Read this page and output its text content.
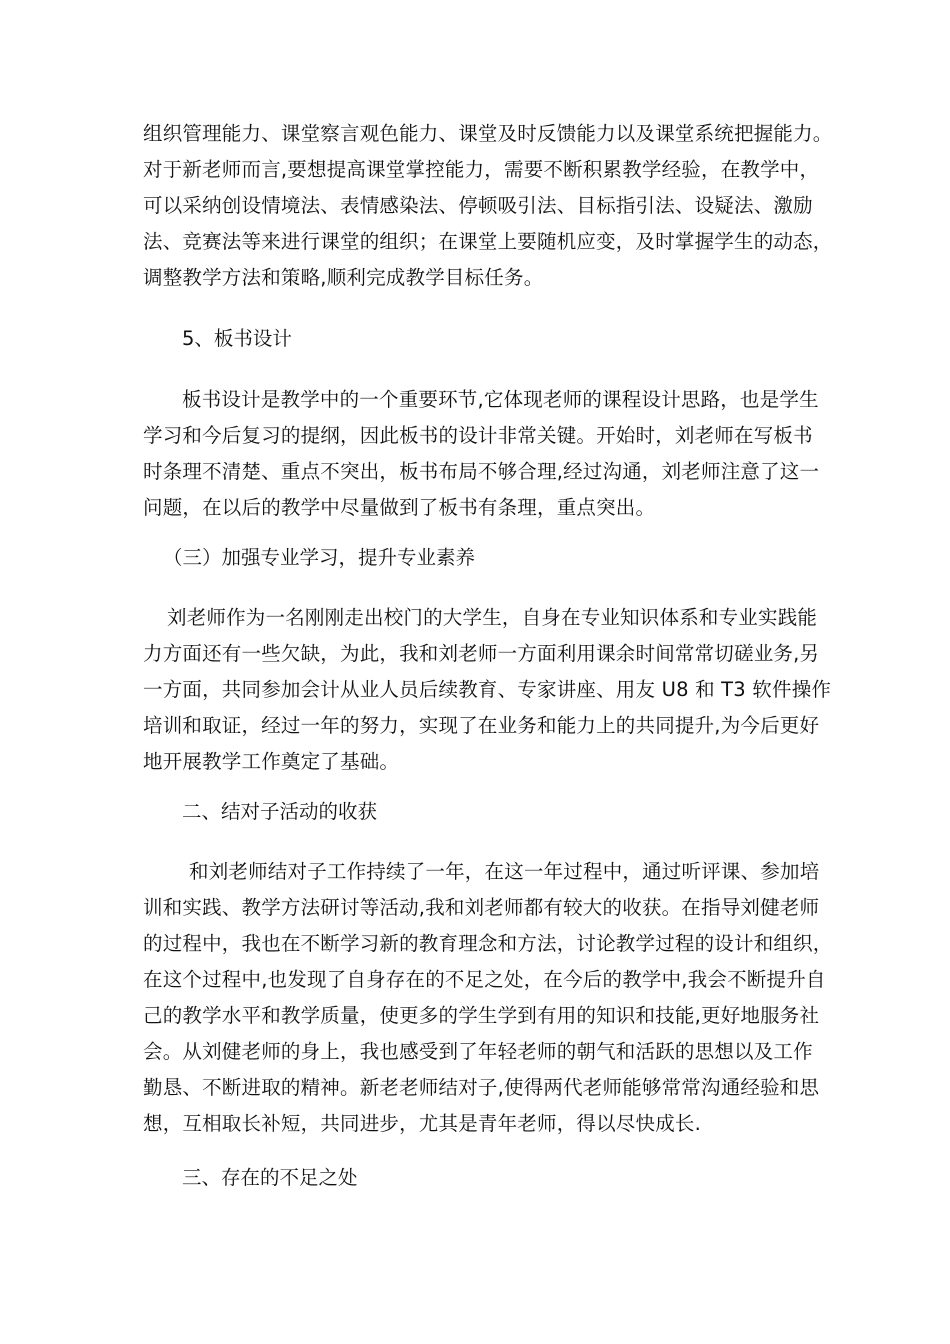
组织管理能力、课堂察言观色能力、课堂及时反馈能力以及课堂系统把握能力。
对于新老师而言,要想提高课堂掌控能力，需要不断积累教学经验，在教学中，
可以采纳创设情境法、表情感染法、停顿吸引法、目标指引法、设疑法、激励
法、竞赛法等来进行课堂的组织；在课堂上要随机应变，及时掌握学生的动态，
调整教学方法和策略,顺利完成教学目标任务。
5、板书设计
板书设计是教学中的一个重要环节,它体现老师的课程设计思路，也是学生
学习和今后复习的提纲，因此板书的设计非常关键。开始时，刘老师在写板书
时条理不清楚、重点不突出，板书布局不够合理,经过沟通，刘老师注意了这一
问题，在以后的教学中尽量做到了板书有条理，重点突出。
（三）加强专业学习，提升专业素养
刘老师作为一名刚刚走出校门的大学生，自身在专业知识体系和专业实践能
力方面还有一些欠缺，为此，我和刘老师一方面利用课余时间常常切磋业务,另
一方面，共同参加会计从业人员后续教育、专家讲座、用友 U8 和 T3 软件操作
培训和取证，经过一年的努力，实现了在业务和能力上的共同提升,为今后更好
地开展教学工作奠定了基础。
二、结对子活动的收获
和刘老师结对子工作持续了一年，在这一年过程中，通过听评课、参加培
训和实践、教学方法研讨等活动,我和刘老师都有较大的收获。在指导刘健老师
的过程中，我也在不断学习新的教育理念和方法，讨论教学过程的设计和组织，
在这个过程中,也发现了自身存在的不足之处，在今后的教学中,我会不断提升自
己的教学水平和教学质量，使更多的学生学到有用的知识和技能,更好地服务社
会。从刘健老师的身上，我也感受到了年轻老师的朝气和活跃的思想以及工作
勤恳、不断进取的精神。新老老师结对子,使得两代老师能够常常沟通经验和思
想，互相取长补短，共同进步，尤其是青年老师，得以尽快成长.
三、存在的不足之处
